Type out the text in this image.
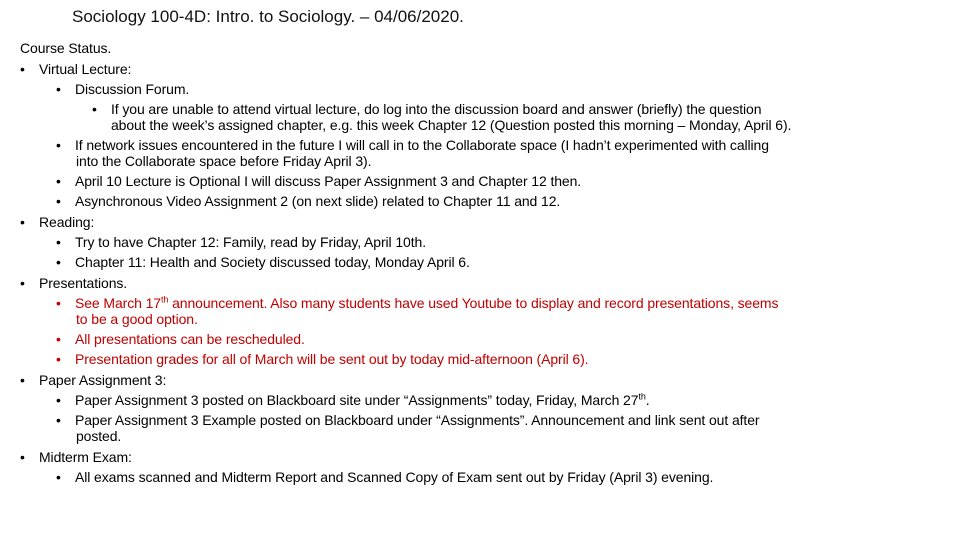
Sociology 100-4D: Intro. to Sociology. – 04/06/2020.
Course Status.
• Virtual Lecture:
• Discussion Forum.
• If you are unable to attend virtual lecture, do log into the discussion board and answer (briefly) the question
about the week’s assigned chapter, e.g. this week Chapter 12 (Question posted this morning – Monday, April 6).
• If network issues encountered in the future I will call in to the Collaborate space (I hadn’t experimented with calling
into the Collaborate space before Friday April 3).
• April 10 Lecture is Optional I will discuss Paper Assignment 3 and Chapter 12 then.
• Asynchronous Video Assignment 2 (on next slide) related to Chapter 11 and 12.
• Reading:
• Try to have Chapter 12: Family, read by Friday, April 10th.
• Chapter 11: Health and Society discussed today, Monday April 6.
• Presentations.
• See March 17th announcement. Also many students have used Youtube to display and record presentations, seems
to be a good option.
• All presentations can be rescheduled.
• Presentation grades for all of March will be sent out by today mid-afternoon (April 6).
• Paper Assignment 3:
• Paper Assignment 3 posted on Blackboard site under “Assignments” today, Friday, March 27th.
• Paper Assignment 3 Example posted on Blackboard under “Assignments”. Announcement and link sent out after
posted.
• Midterm Exam:
• All exams scanned and Midterm Report and Scanned Copy of Exam sent out by Friday (April 3) evening.
